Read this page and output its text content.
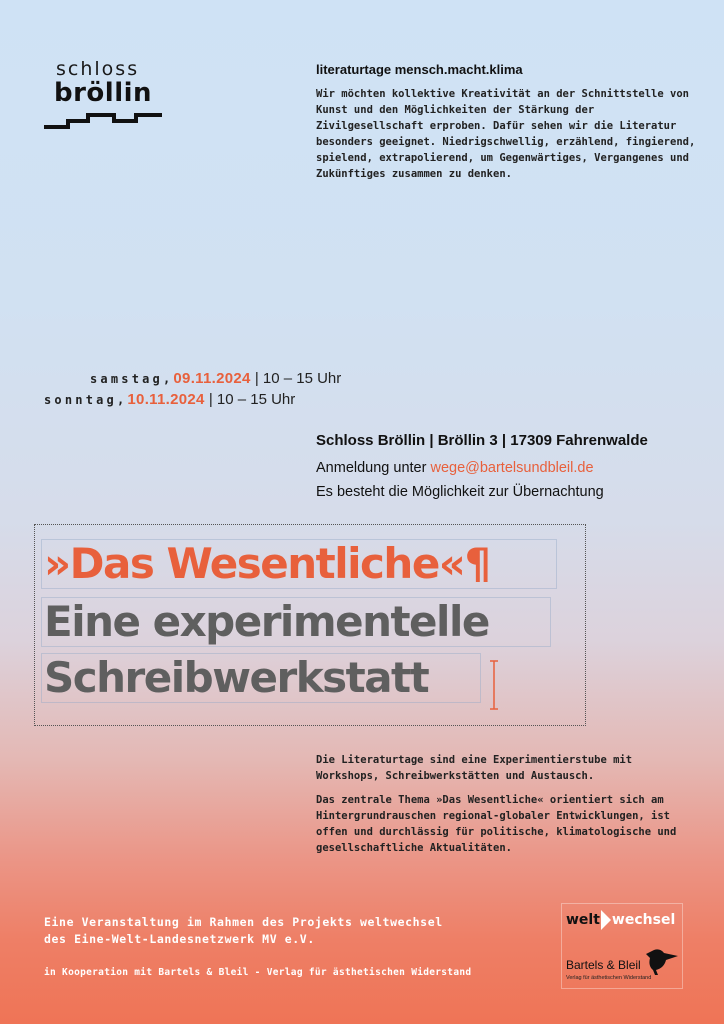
schloss
bröllin
literaturtage mensch.macht.klima
Wir möchten kollektive Kreativität an der Schnittstelle von Kunst und den Möglichkeiten der Stärkung der Zivilgesellschaft erproben. Dafür sehen wir die Literatur besonders geeignet. Niedrigschwellig, erzählend, fingierend, spielend, extrapolierend, um Gegenwärtiges, Vergangenes und Zukünftiges zusammen zu denken.
samstag,09.11.2024 | 10 – 15 Uhr
sonntag,10.11.2024 | 10 – 15 Uhr
Schloss Bröllin | Bröllin 3 | 17309 Fahrenwalde
Anmeldung unter wege@bartelsundbleil.de
Es besteht die Möglichkeit zur Übernachtung
»Das Wesentliche«¶
Eine experimentelle
Schreibwerkstatt
Die Literaturtage sind eine Experimentierstube mit Workshops, Schreibwerkstätten und Austausch.
Das zentrale Thema »Das Wesentliche« orientiert sich am Hintergrundrauschen regional-globaler Entwicklungen, ist offen und durchlässig für politische, klimatologische und gesellschaftliche Aktualitäten.
Eine Veranstaltung im Rahmen des Projekts weltwechsel
des Eine-Welt-Landesnetzwerk MV e.V.
in Kooperation mit Bartels & Bleil - Verlag für ästhetischen Widerstand
welt wechsel
Bartels & Bleil
Verlag für ästhetischen Widerstand
